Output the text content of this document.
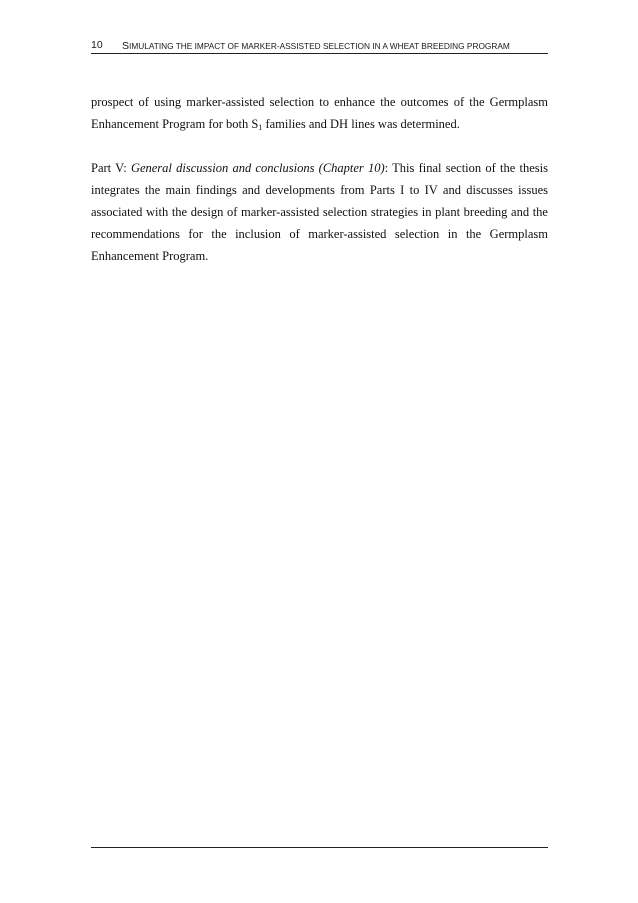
10 SIMULATING THE IMPACT OF MARKER-ASSISTED SELECTION IN A WHEAT BREEDING PROGRAM

prospect of using marker-assisted selection to enhance the outcomes of the Germplasm Enhancement Program for both $S_1$ families and DH lines was determined.

Part V: General discussion and conclusions (Chapter 10): This final section of the thesis integrates the main findings and developments from Parts I to IV and discusses issues associated with the design of marker-assisted selection strategies in plant breeding and the recommendations for the inclusion of marker-assisted selection in the Germplasm Enhancement Program.
